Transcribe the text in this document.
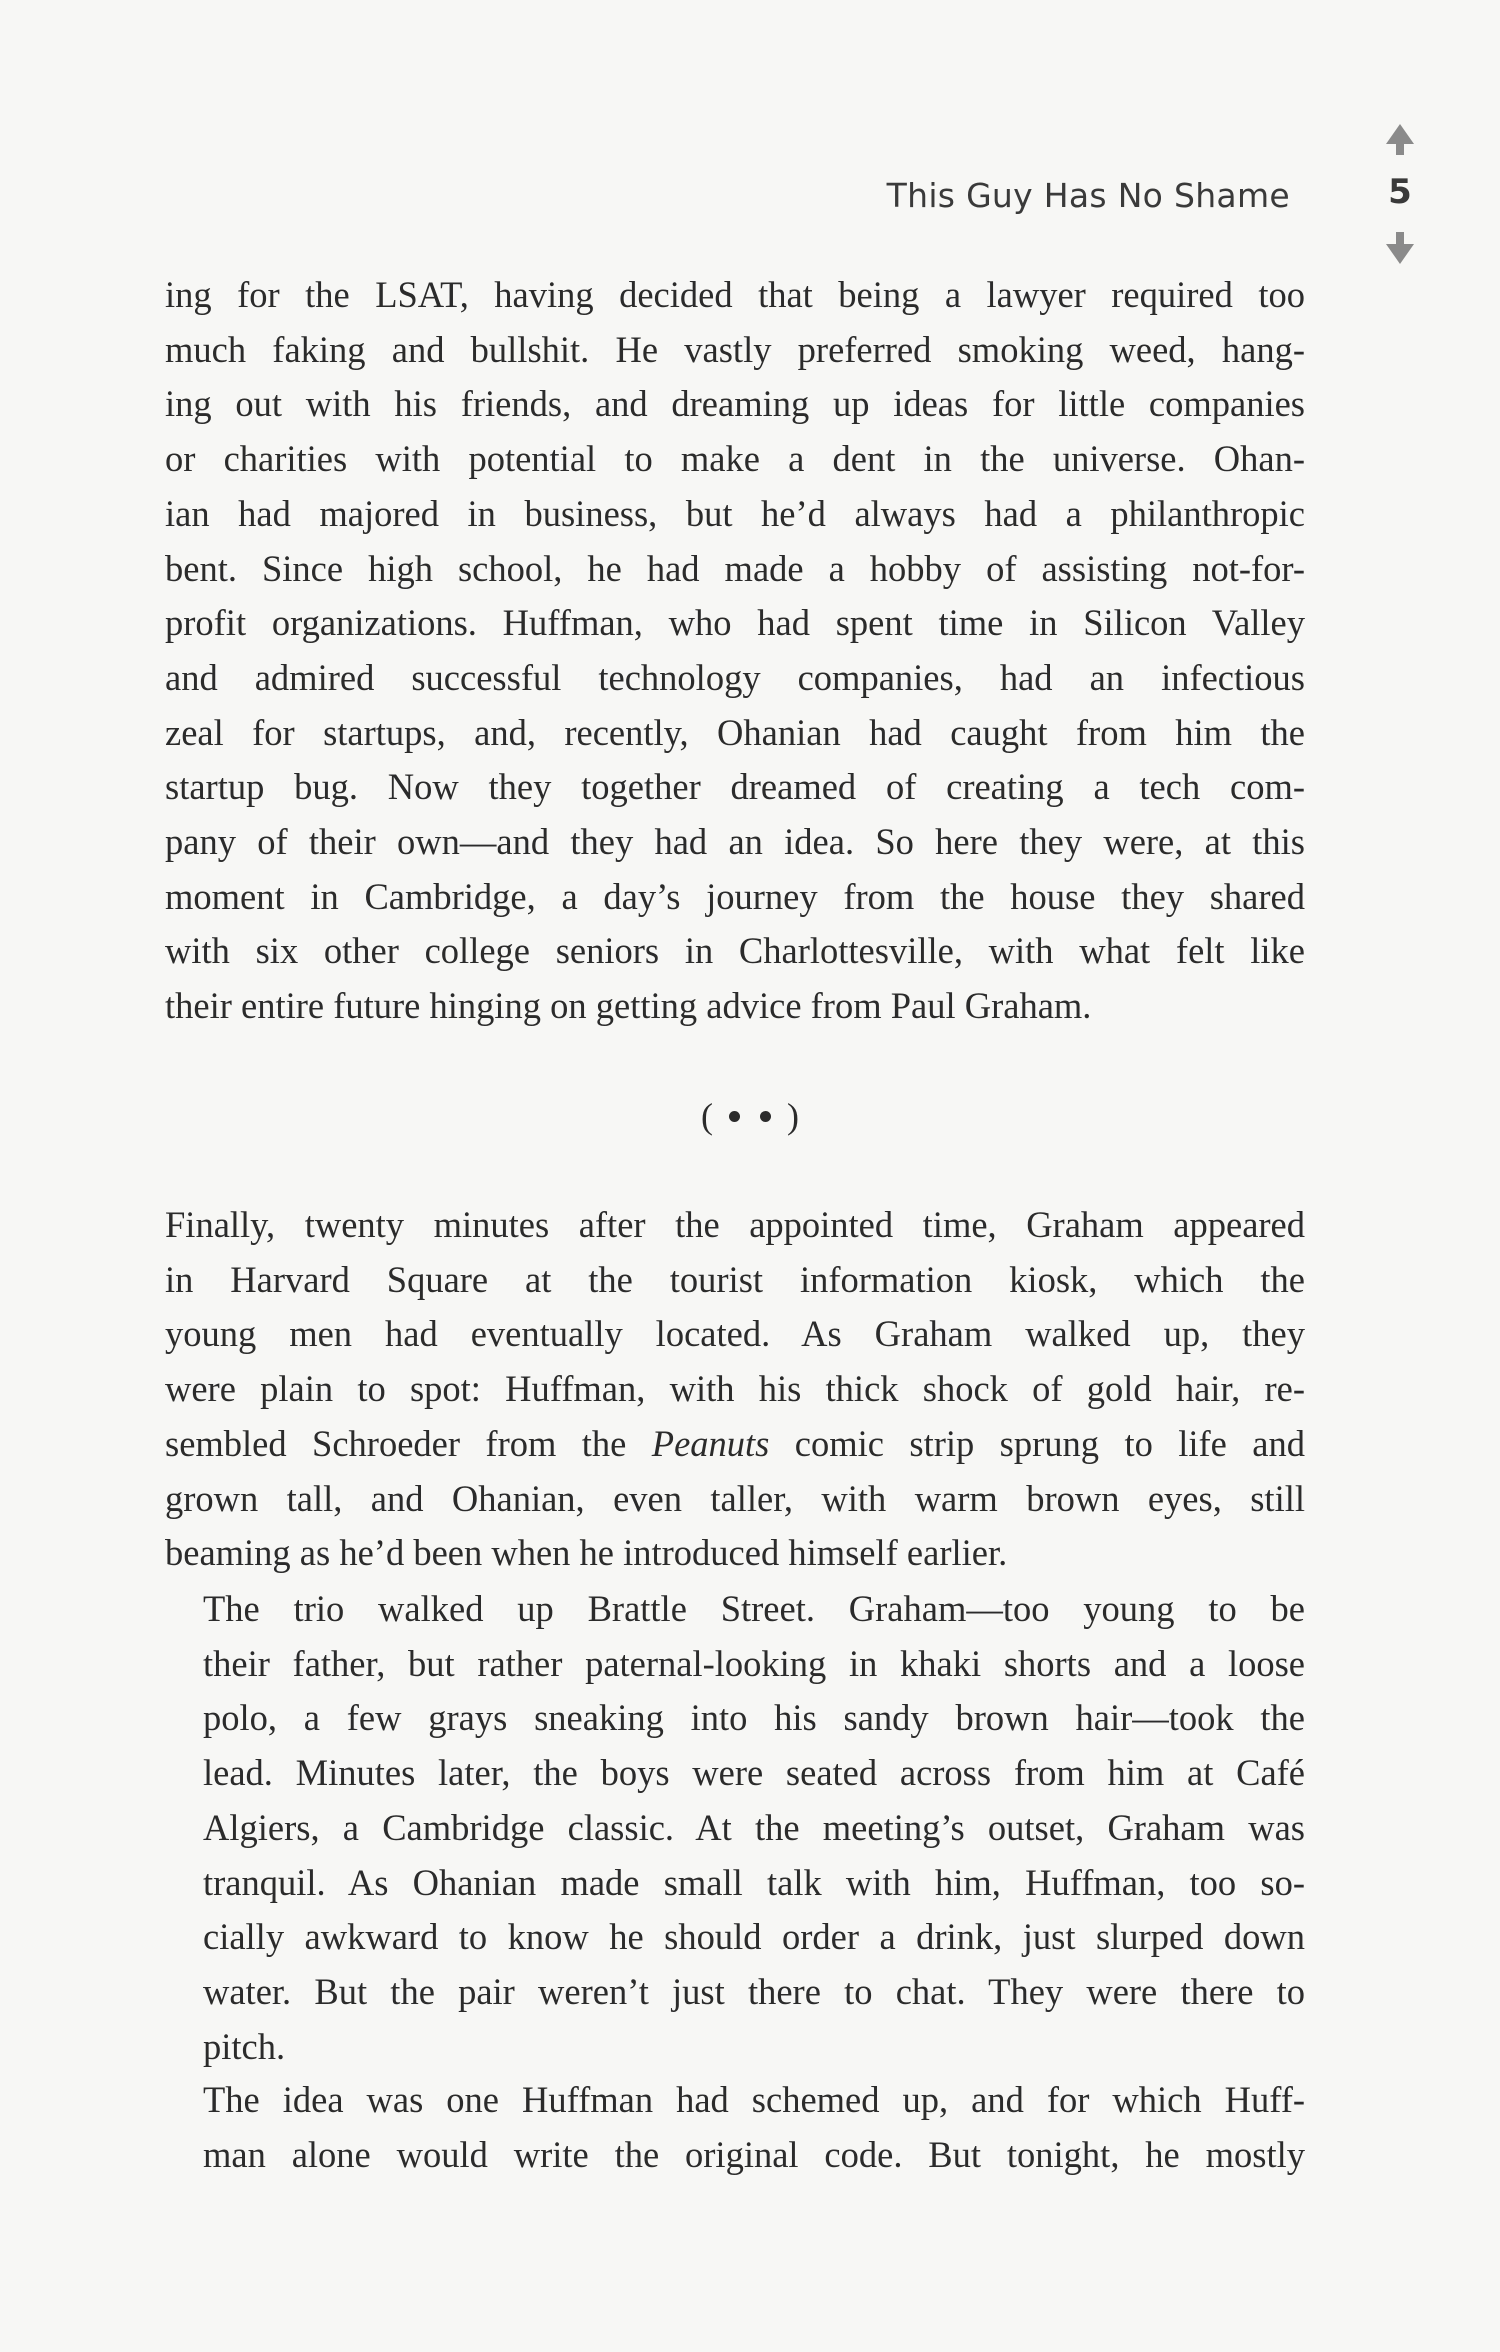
This Guy Has No Shame	5

ing for the LSAT, having decided that being a lawyer required too
much faking and bullshit. He vastly preferred smoking weed, hang-
ing out with his friends, and dreaming up ideas for little companies
or charities with potential to make a dent in the universe. Ohan-
ian had majored in business, but he’d always had a philanthropic
bent. Since high school, he had made a hobby of assisting not-for-
profit organizations. Huffman, who had spent time in Silicon Valley
and admired successful technology companies, had an infectious
zeal for startups, and, recently, Ohanian had caught from him the
startup bug. Now they together dreamed of creating a tech com-
pany of their own—and they had an idea. So here they were, at this
moment in Cambridge, a day’s journey from the house they shared
with six other college seniors in Charlottesville, with what felt like
their entire future hinging on getting advice from Paul Graham.

( )

Finally, twenty minutes after the appointed time, Graham appeared
in Harvard Square at the tourist information kiosk, which the
young men had eventually located. As Graham walked up, they
were plain to spot: Huffman, with his thick shock of gold hair, re-
sembled Schroeder from the Peanuts comic strip sprung to life and
grown tall, and Ohanian, even taller, with warm brown eyes, still
beaming as he’d been when he introduced himself earlier.

The trio walked up Brattle Street. Graham—too young to be
their father, but rather paternal-looking in khaki shorts and a loose
polo, a few grays sneaking into his sandy brown hair—took the
lead. Minutes later, the boys were seated across from him at Café
Algiers, a Cambridge classic. At the meeting’s outset, Graham was
tranquil. As Ohanian made small talk with him, Huffman, too so-
cially awkward to know he should order a drink, just slurped down
water. But the pair weren’t just there to chat. They were there to
pitch.

The idea was one Huffman had schemed up, and for which Huff-
man alone would write the original code. But tonight, he mostly
